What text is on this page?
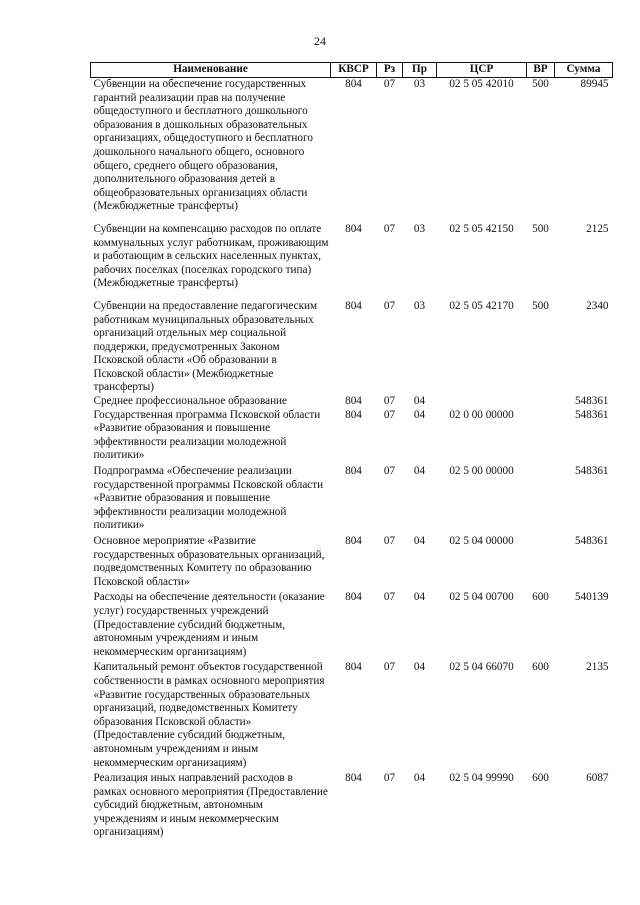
24
Наименование	КВСР	Рз	Пр	ЦСР	ВР	Сумма
Субвенции на обеспечение государственных гарантий реализации прав на получение общедоступного и бесплатного дошкольного образования в дошкольных образовательных организациях, общедоступного и бесплатного дошкольного начального общего, основного общего, среднего общего образования, дополнительного образования детей в общеобразовательных организациях области (Межбюджетные трансферты)	804	07	03	02 5 05 42010	500	89945
Субвенции на компенсацию расходов по оплате коммунальных услуг работникам, проживающим и работающим в сельских населенных пунктах, рабочих поселках (поселках городского типа) (Межбюджетные трансферты)	804	07	03	02 5 05 42150	500	2125
Субвенции на предоставление педагогическим работникам муниципальных образовательных организаций отдельных мер социальной поддержки, предусмотренных Законом Псковской области «Об образовании в Псковской области» (Межбюджетные трансферты)	804	07	03	02 5 05 42170	500	2340
Среднее профессиональное образование	804	07	04			548361
Государственная программа Псковской области «Развитие образования и повышение эффективности реализации молодежной политики»	804	07	04	02 0 00 00000		548361
Подпрограмма «Обеспечение реализации государственной программы Псковской области «Развитие образования и повышение эффективности реализации молодежной политики»	804	07	04	02 5 00 00000		548361
Основное мероприятие «Развитие государственных образовательных организаций, подведомственных Комитету по образованию Псковской области»	804	07	04	02 5 04 00000		548361
Расходы на обеспечение деятельности (оказание услуг) государственных учреждений (Предоставление субсидий бюджетным, автономным учреждениям и иным некоммерческим организациям)	804	07	04	02 5 04 00700	600	540139
Капитальный ремонт объектов государственной собственности в рамках основного мероприятия «Развитие государственных образовательных организаций, подведомственных Комитету образования Псковской области» (Предоставление субсидий бюджетным, автономным учреждениям и иным некоммерческим организациям)	804	07	04	02 5 04 66070	600	2135
Реализация иных направлений расходов в рамках основного мероприятия (Предоставление субсидий бюджетным, автономным учреждениям и иным некоммерческим организациям)	804	07	04	02 5 04 99990	600	6087
